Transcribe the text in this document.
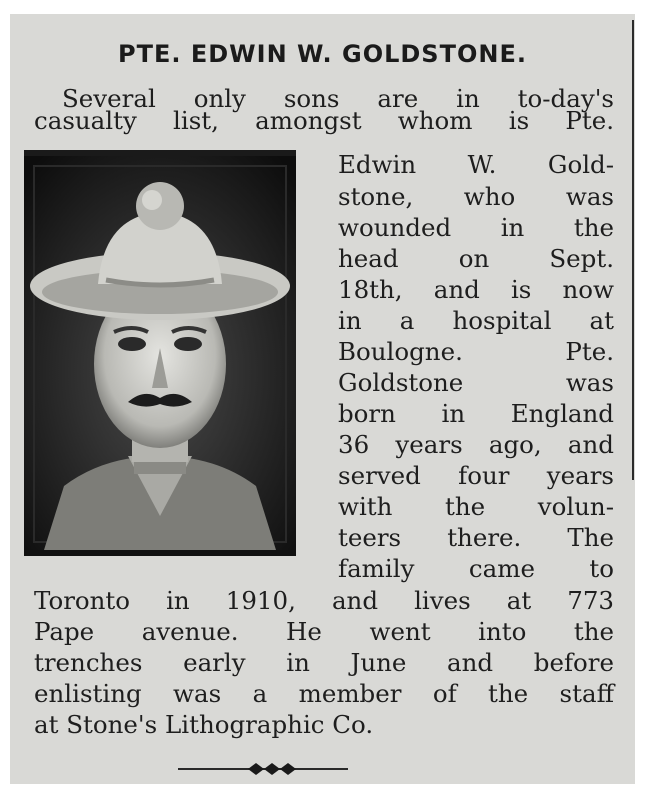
PTE. EDWIN W. GOLDSTONE.
Several only sons are in to-day's
casualty list, amongst whom is Pte.
Edwin W. Gold-
stone, who was
wounded in the
head on Sept.
18th, and is now
in a hospital at
Boulogne. Pte.
Goldstone was
born in England
36 years ago, and
served four years
with the volun-
teers there. The
family came to
Toronto in 1910, and lives at 773
Pape avenue. He went into the
trenches early in June and before
enlisting was a member of the staff
at Stone's Lithographic Co.
